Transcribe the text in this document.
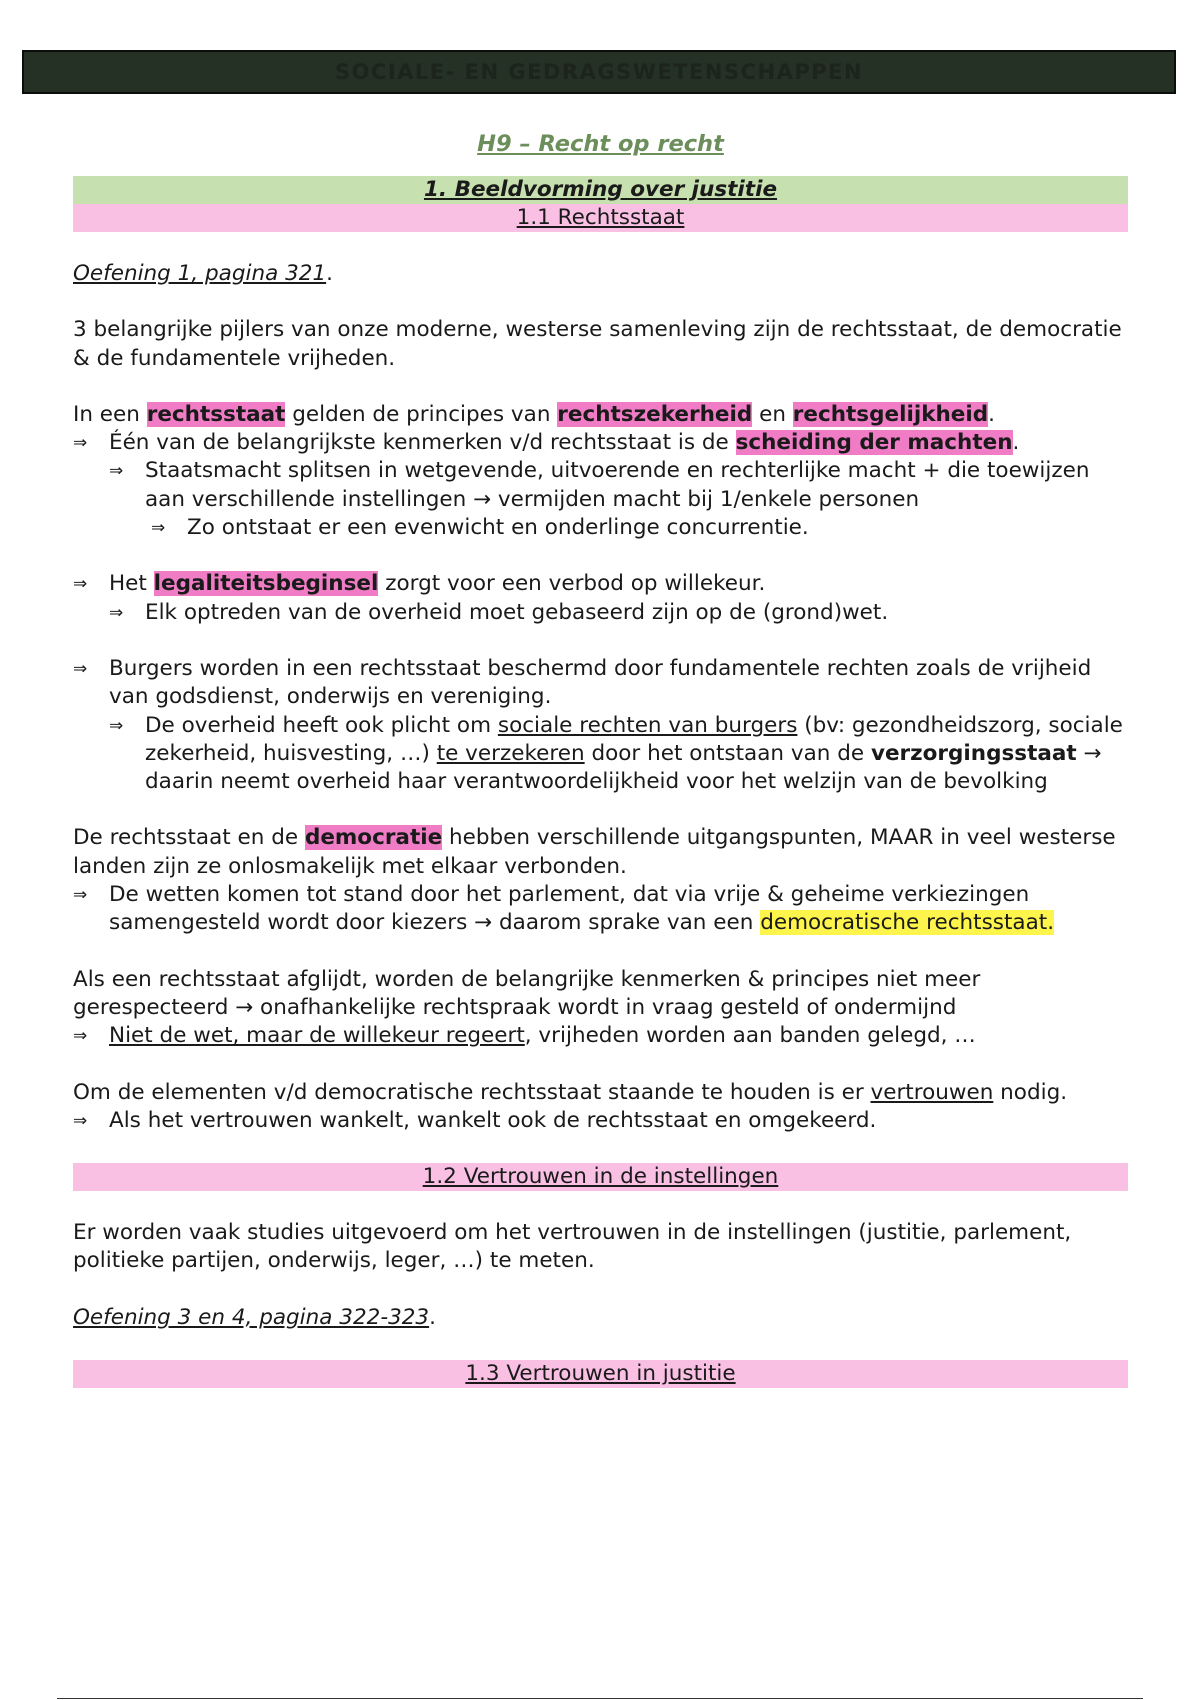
SOCIALE- EN GEDRAGSWETENSCHAPPEN
H9 – Recht op recht
1. Beeldvorming over justitie
1.1 Rechtsstaat

Oefening 1, pagina 321.

3 belangrijke pijlers van onze moderne, westerse samenleving zijn de rechtsstaat, de democratie & de fundamentele vrijheden.

In een rechtsstaat gelden de principes van rechtszekerheid en rechtsgelijkheid.

⇒	Één van de belangrijkste kenmerken v/d rechtsstaat is de scheiding der machten.
⇒	Staatsmacht splitsen in wetgevende, uitvoerende en rechterlijke macht + die toewijzen aan verschillende instellingen → vermijden macht bij 1/enkele personen
⇒	Zo ontstaat er een evenwicht en onderlinge concurrentie.
⇒	Het legaliteitsbeginsel zorgt voor een verbod op willekeur.
⇒	Elk optreden van de overheid moet gebaseerd zijn op de (grond)wet.
⇒	Burgers worden in een rechtsstaat beschermd door fundamentele rechten zoals de vrijheid van godsdienst, onderwijs en vereniging.
⇒	De overheid heeft ook plicht om sociale rechten van burgers (bv: gezondheidszorg, sociale zekerheid, huisvesting, …) te verzekeren door het ontstaan van de verzorgingsstaat → daarin neemt overheid haar verantwoordelijkheid voor het welzijn van de bevolking

De rechtsstaat en de democratie hebben verschillende uitgangspunten, MAAR in veel westerse landen zijn ze onlosmakelijk met elkaar verbonden.

⇒	De wetten komen tot stand door het parlement, dat via vrije & geheime verkiezingen samengesteld wordt door kiezers → daarom sprake van een democratische rechtsstaat.

Als een rechtsstaat afglijdt, worden de belangrijke kenmerken & principes niet meer gerespecteerd → onafhankelijke rechtspraak wordt in vraag gesteld of ondermijnd

⇒	Niet de wet, maar de willekeur regeert, vrijheden worden aan banden gelegd, …

Om de elementen v/d democratische rechtsstaat staande te houden is er vertrouwen nodig.

⇒	Als het vertrouwen wankelt, wankelt ook de rechtsstaat en omgekeerd.
1.2 Vertrouwen in de instellingen

Er worden vaak studies uitgevoerd om het vertrouwen in de instellingen (justitie, parlement, politieke partijen, onderwijs, leger, …) te meten.

Oefening 3 en 4, pagina 322-323.

1.3 Vertrouwen in justitie
